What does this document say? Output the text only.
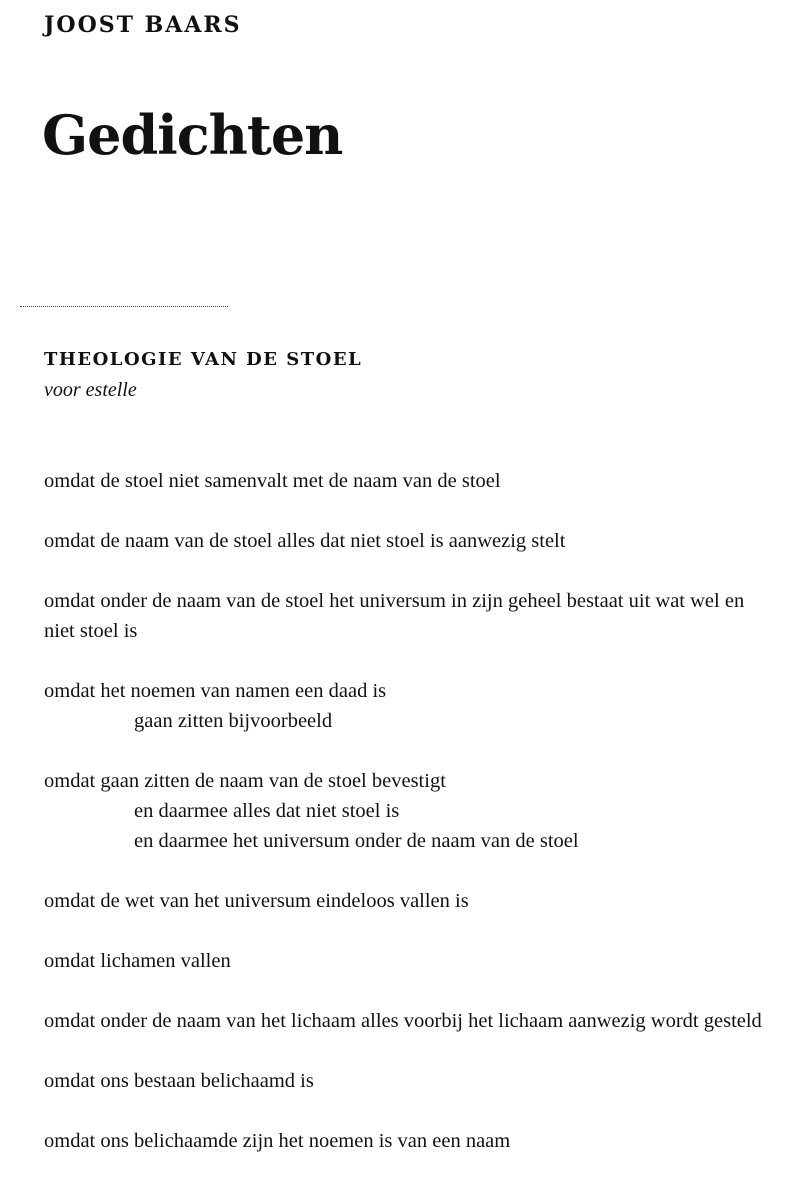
JOOST BAARS
Gedichten
THEOLOGIE VAN DE STOEL
voor estelle
omdat de stoel niet samenvalt met de naam van de stoel
omdat de naam van de stoel alles dat niet stoel is aanwezig stelt
omdat onder de naam van de stoel het universum in zijn geheel bestaat uit wat wel en niet stoel is
omdat het noemen van namen een daad is
gaan zitten bijvoorbeeld
omdat gaan zitten de naam van de stoel bevestigt
en daarmee alles dat niet stoel is
en daarmee het universum onder de naam van de stoel
omdat de wet van het universum eindeloos vallen is
omdat lichamen vallen
omdat onder de naam van het lichaam alles voorbij het lichaam aanwezig wordt gesteld
omdat ons bestaan belichaamd is
omdat ons belichaamde zijn het noemen is van een naam
